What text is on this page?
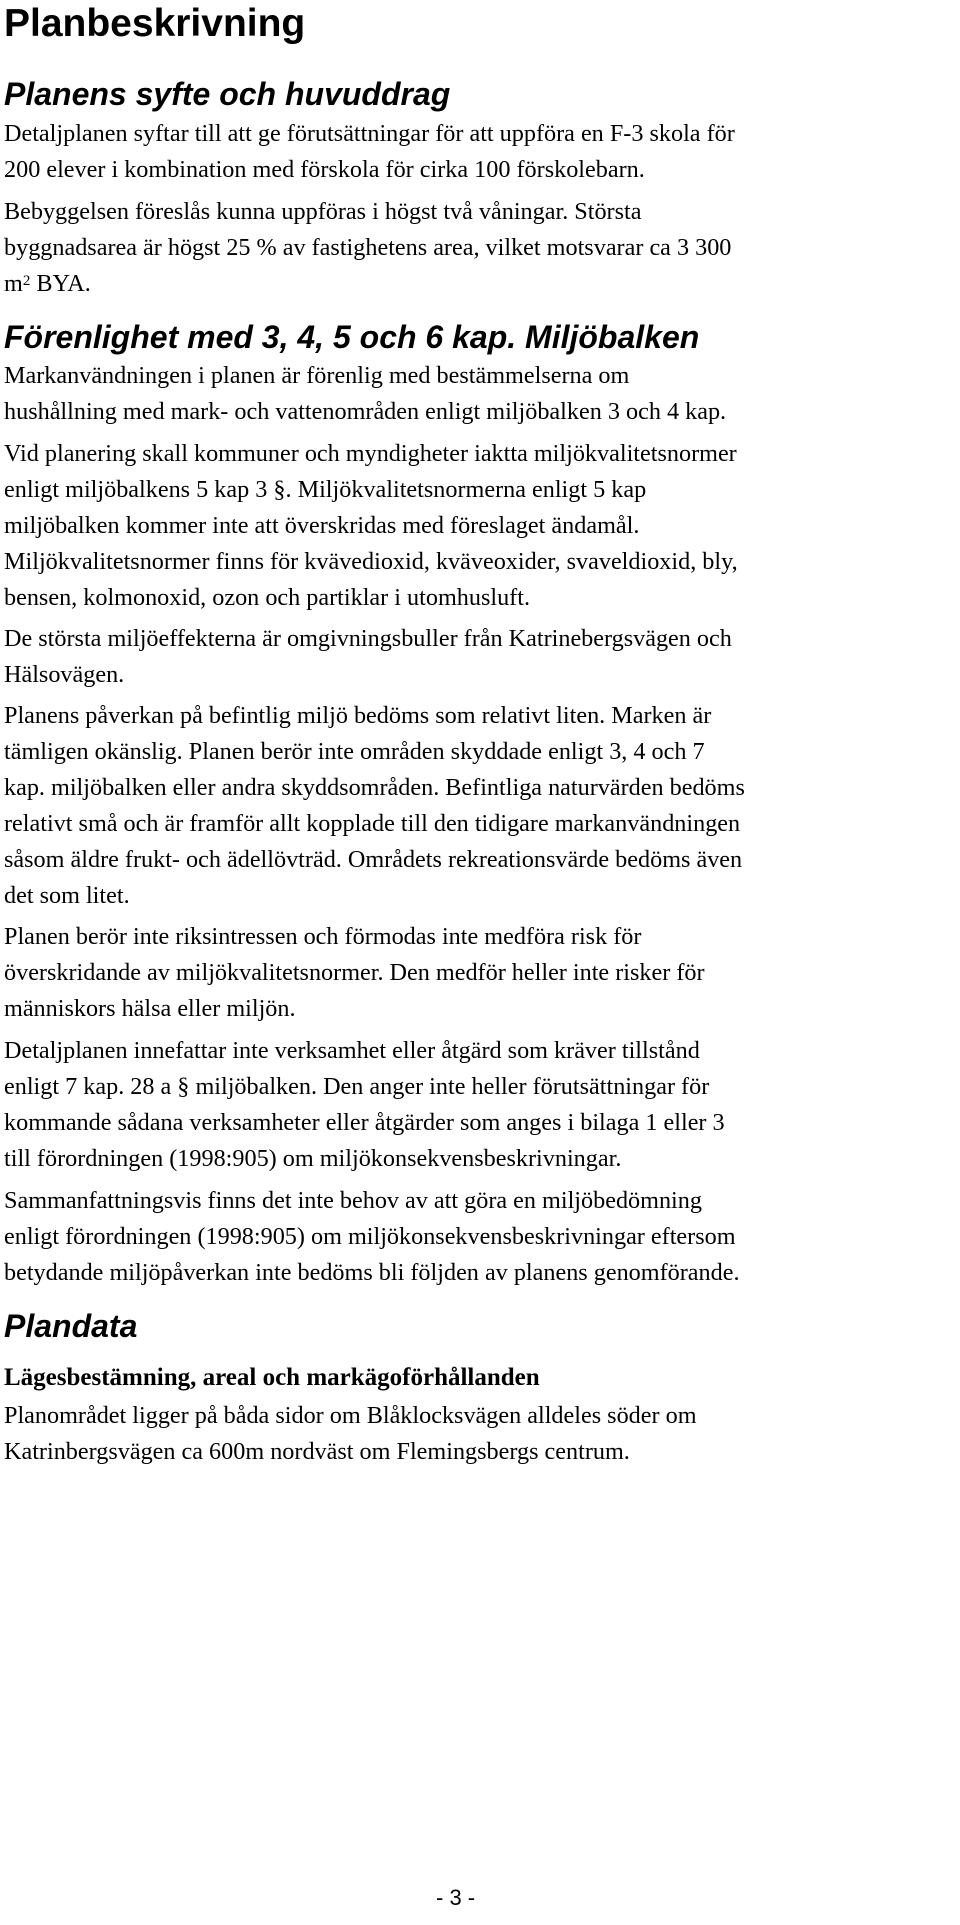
Planbeskrivning
Planens syfte och huvuddrag

Detaljplanen syftar till att ge förutsättningar för att uppföra en F-3 skola för
200 elever i kombination med förskola för cirka 100 förskolebarn.

Bebyggelsen föreslås kunna uppföras i högst två våningar. Största
byggnadsarea är högst 25 % av fastighetens area, vilket motsvarar ca 3 300
$m^2$ BYA.

Förenlighet med 3, 4, 5 och 6 kap. Miljöbalken

Markanvändningen i planen är förenlig med bestämmelserna om
hushållning med mark- och vattenområden enligt miljöbalken 3 och 4 kap.

Vid planering skall kommuner och myndigheter iaktta miljökvalitetsnormer
enligt miljöbalkens 5 kap 3 §. Miljökvalitetsnormerna enligt 5 kap
miljöbalken kommer inte att överskridas med föreslaget ändamål.
Miljökvalitetsnormer finns för kvävedioxid, kväveoxider, svaveldioxid, bly,
bensen, kolmonoxid, ozon och partiklar i utomhusluft.

De största miljöeffekterna är omgivningsbuller från Katrinebergsvägen och
Hälsovägen.

Planens påverkan på befintlig miljö bedöms som relativt liten. Marken är
tämligen okänslig. Planen berör inte områden skyddade enligt 3, 4 och 7
kap. miljöbalken eller andra skyddsområden. Befintliga naturvärden bedöms
relativt små och är framför allt kopplade till den tidigare markanvändningen
såsom äldre frukt- och ädellövträd. Områdets rekreationsvärde bedöms även
det som litet.

Planen berör inte riksintressen och förmodas inte medföra risk för
överskridande av miljökvalitetsnormer. Den medför heller inte risker för
människors hälsa eller miljön.

Detaljplanen innefattar inte verksamhet eller åtgärd som kräver tillstånd
enligt 7 kap. 28 a § miljöbalken. Den anger inte heller förutsättningar för
kommande sådana verksamheter eller åtgärder som anges i bilaga 1 eller 3
till förordningen (1998:905) om miljökonsekvensbeskrivningar.

Sammanfattningsvis finns det inte behov av att göra en miljöbedömning
enligt förordningen (1998:905) om miljökonsekvensbeskrivningar eftersom
betydande miljöpåverkan inte bedöms bli följden av planens genomförande.

Plandata
Lägesbestämning, areal och markägoförhållanden

Planområdet ligger på båda sidor om Blåklocksvägen alldeles söder om
Katrinbergsvägen ca 600m nordväst om Flemingsbergs centrum.

- 3 -
